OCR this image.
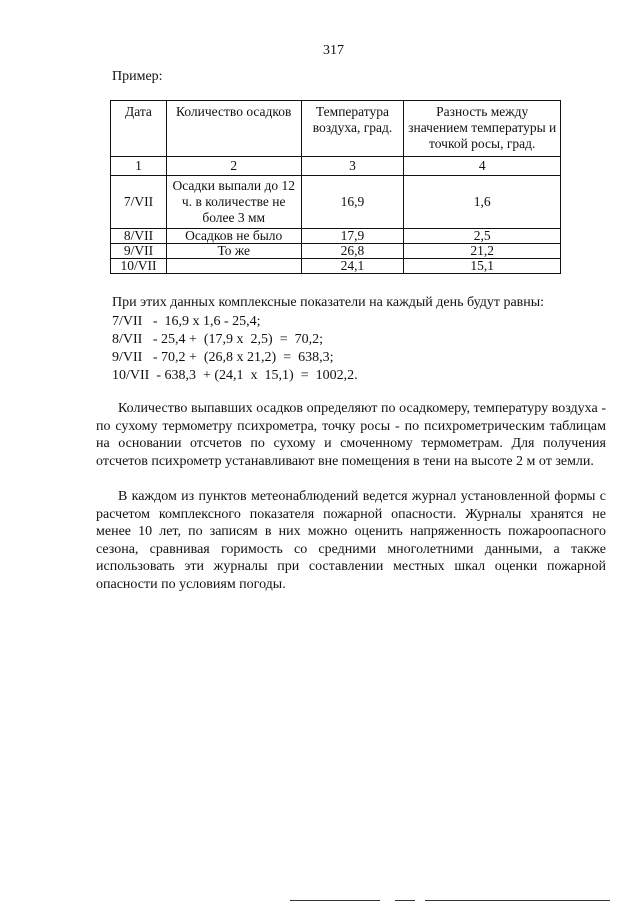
317
Пример:
Дата	Количество осадков	Температура воздуха, град.	Разность между значением температуры и точкой росы, град.
1	2	3	4
7/VII	Осадки выпали до 12 ч. в количестве не более 3 мм	16,9	1,6
8/VII	Осадков не было	17,9	2,5
9/VII	То же	26,8	21,2
10/VII		24,1	15,1
При этих данных комплексные показатели на каждый день будут равны:
7/VII   -  16,9 х 1,6 - 25,4;
8/VII   - 25,4 +  (17,9 х  2,5)  =  70,2;
9/VII   - 70,2 +  (26,8 х 21,2)  =  638,3;
10/VII  - 638,3  + (24,1  х  15,1)  =  1002,2.

Количество выпавших осадков определяют по осадкомеру, температуру воздуха - по сухому термометру психрометра, точку росы - по психрометрическим таблицам на основании отсчетов по сухому и смоченному термометрам. Для получения отсчетов психрометр устанавливают вне помещения в тени на высоте 2 м от земли.

В каждом из пунктов метеонаблюдений ведется журнал установленной формы с расчетом комплексного показателя пожарной опасности. Журналы хранятся не менее 10 лет, по записям в них можно оценить напряженность пожароопасного сезона, сравнивая горимость со средними многолетними данными, а также использовать эти журналы при составлении местных шкал оценки пожарной опасности по условиям погоды.
